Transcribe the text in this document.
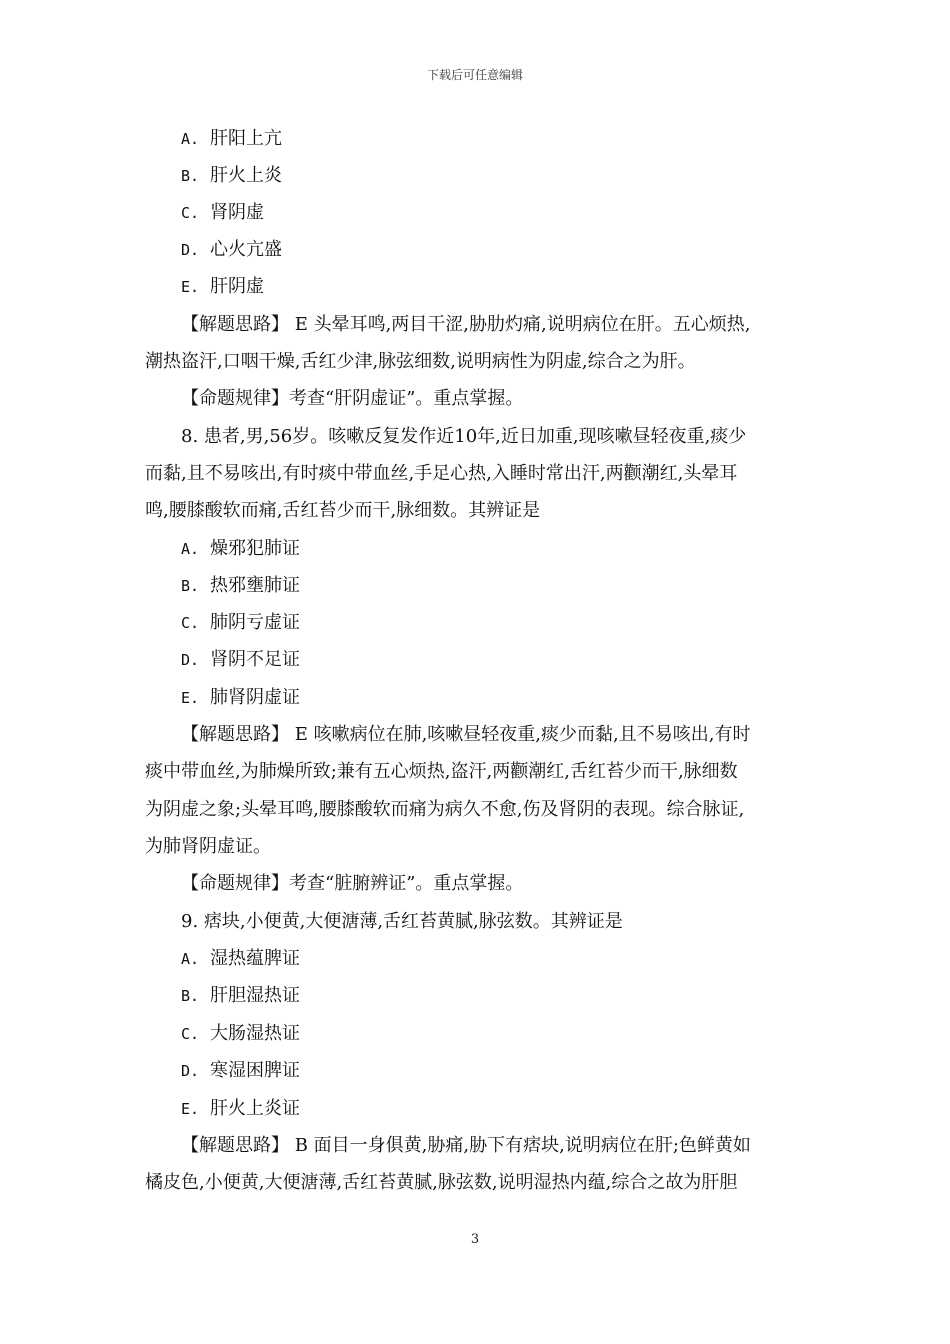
下载后可任意编辑
A. 肝阳上亢
B. 肝火上炎
C. 肾阴虚
D. 心火亢盛
E. 肝阴虚
【解题思路】 E 头晕耳鸣,两目干涩,胁肋灼痛,说明病位在肝。五心烦热,
潮热盗汗,口咽干燥,舌红少津,脉弦细数,说明病性为阴虚,综合之为肝。
【命题规律】考查“肝阴虚证”。重点掌握。
8. 患者,男,56岁。咳嗽反复发作近10年,近日加重,现咳嗽昼轻夜重,痰少
而黏,且不易咳出,有时痰中带血丝,手足心热,入睡时常出汗,两颧潮红,头晕耳
鸣,腰膝酸软而痛,舌红苔少而干,脉细数。其辨证是
A. 燥邪犯肺证
B. 热邪壅肺证
C. 肺阴亏虚证
D. 肾阴不足证
E. 肺肾阴虚证
【解题思路】 E 咳嗽病位在肺,咳嗽昼轻夜重,痰少而黏,且不易咳出,有时
痰中带血丝,为肺燥所致;兼有五心烦热,盗汗,两颧潮红,舌红苔少而干,脉细数
为阴虚之象;头晕耳鸣,腰膝酸软而痛为病久不愈,伤及肾阴的表现。综合脉证,
为肺肾阴虚证。
【命题规律】考查“脏腑辨证”。重点掌握。
9. 痞块,小便黄,大便溏薄,舌红苔黄腻,脉弦数。其辨证是
A. 湿热蕴脾证
B. 肝胆湿热证
C. 大肠湿热证
D. 寒湿困脾证
E. 肝火上炎证
【解题思路】 B 面目一身俱黄,胁痛,胁下有痞块,说明病位在肝;色鲜黄如
橘皮色,小便黄,大便溏薄,舌红苔黄腻,脉弦数,说明湿热内蕴,综合之故为肝胆
3
